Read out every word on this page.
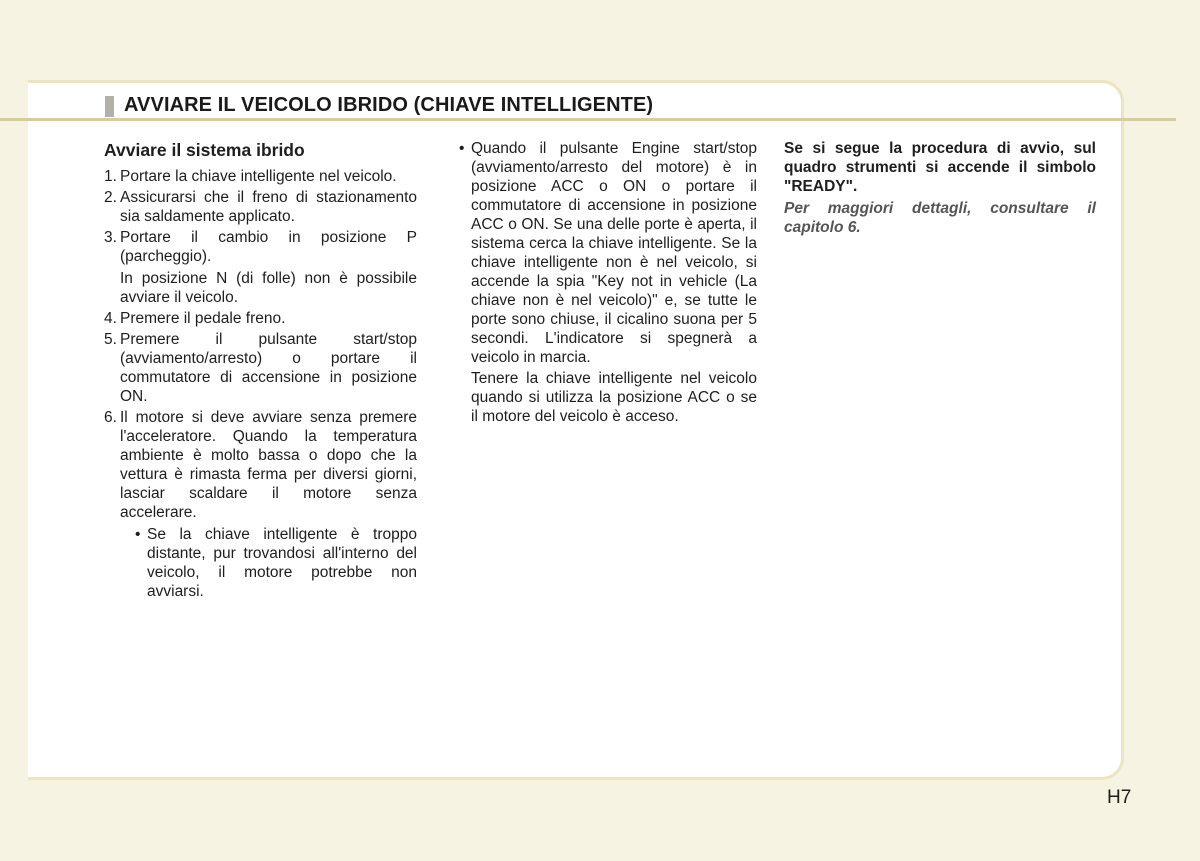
AVVIARE IL VEICOLO IBRIDO (CHIAVE INTELLIGENTE)
Avviare il sistema ibrido
1. Portare la chiave intelligente nel veicolo.

2. Assicurarsi che il freno di stazionamento sia saldamente applicato.

3. Portare il cambio in posizione P (parcheggio).

In posizione N (di folle) non è possibile avviare il veicolo.

4. Premere il pedale freno.

5. Premere il pulsante start/stop (avviamento/arresto) o portare il commutatore di accensione in posizione ON.

6. Il motore si deve avviare senza premere l'acceleratore. Quando la temperatura ambiente è molto bassa o dopo che la vettura è rimasta ferma per diversi giorni, lasciar scaldare il motore senza accelerare.

• Se la chiave intelligente è troppo distante, pur trovandosi all'interno del veicolo, il motore potrebbe non avviarsi.

• Quando il pulsante Engine start/stop (avviamento/arresto del motore) è in posizione ACC o ON o portare il commutatore di accensione in posizione ACC o ON. Se una delle porte è aperta, il sistema cerca la chiave intelligente. Se la chiave intelligente non è nel veicolo, si accende la spia "Key not in vehicle (La chiave non è nel veicolo)" e, se tutte le porte sono chiuse, il cicalino suona per 5 secondi. L'indicatore si spegnerà a veicolo in marcia.

Tenere la chiave intelligente nel veicolo quando si utilizza la posizione ACC o se il motore del veicolo è acceso.

Se si segue la procedura di avvio, sul quadro strumenti si accende il simbolo "READY".

Per maggiori dettagli, consultare il capitolo 6.

H7
